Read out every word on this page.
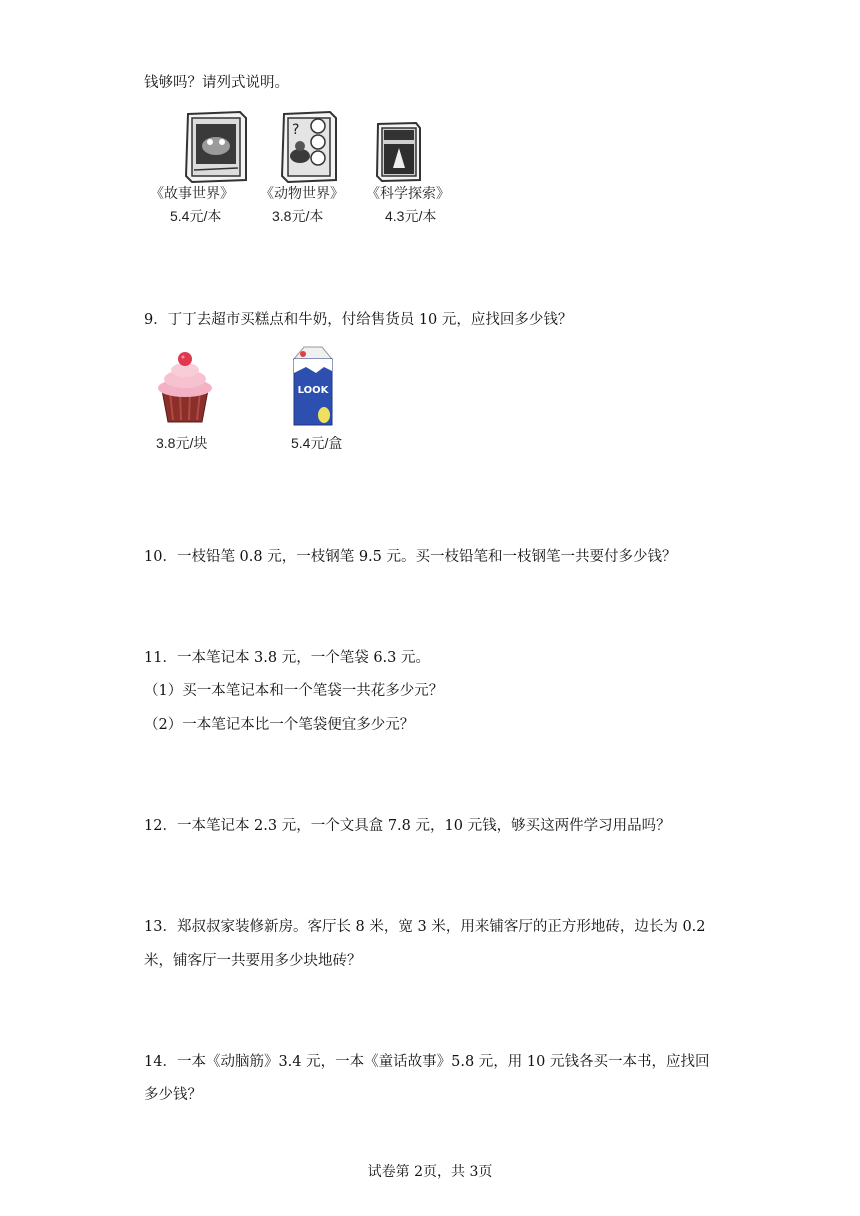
钱够吗？请列式说明。
?
《故事世界》 《动物世界》 《科学探索》
5.4元/本	3.8元/本	4.3元/本
9．丁丁去超市买糕点和牛奶，付给售货员 10 元，应找回多少钱？
LOOK
3.8元/块	5.4元/盒
10．一枝铅笔 0.8 元，一枝钢笔 9.5 元。买一枝铅笔和一枝钢笔一共要付多少钱？
11．一本笔记本 3.8 元，一个笔袋 6.3 元。
（1）买一本笔记本和一个笔袋一共花多少元？
（2）一本笔记本比一个笔袋便宜多少元？
12．一本笔记本 2.3 元，一个文具盒 7.8 元，10 元钱，够买这两件学习用品吗？
13．郑叔叔家装修新房。客厅长 8 米，宽 3 米，用来铺客厅的正方形地砖，边长为 0.2
米，铺客厅一共要用多少块地砖？
14．一本《动脑筋》3.4 元，一本《童话故事》5.8 元，用 10 元钱各买一本书，应找回
多少钱？
试卷第 2页，共 3页
